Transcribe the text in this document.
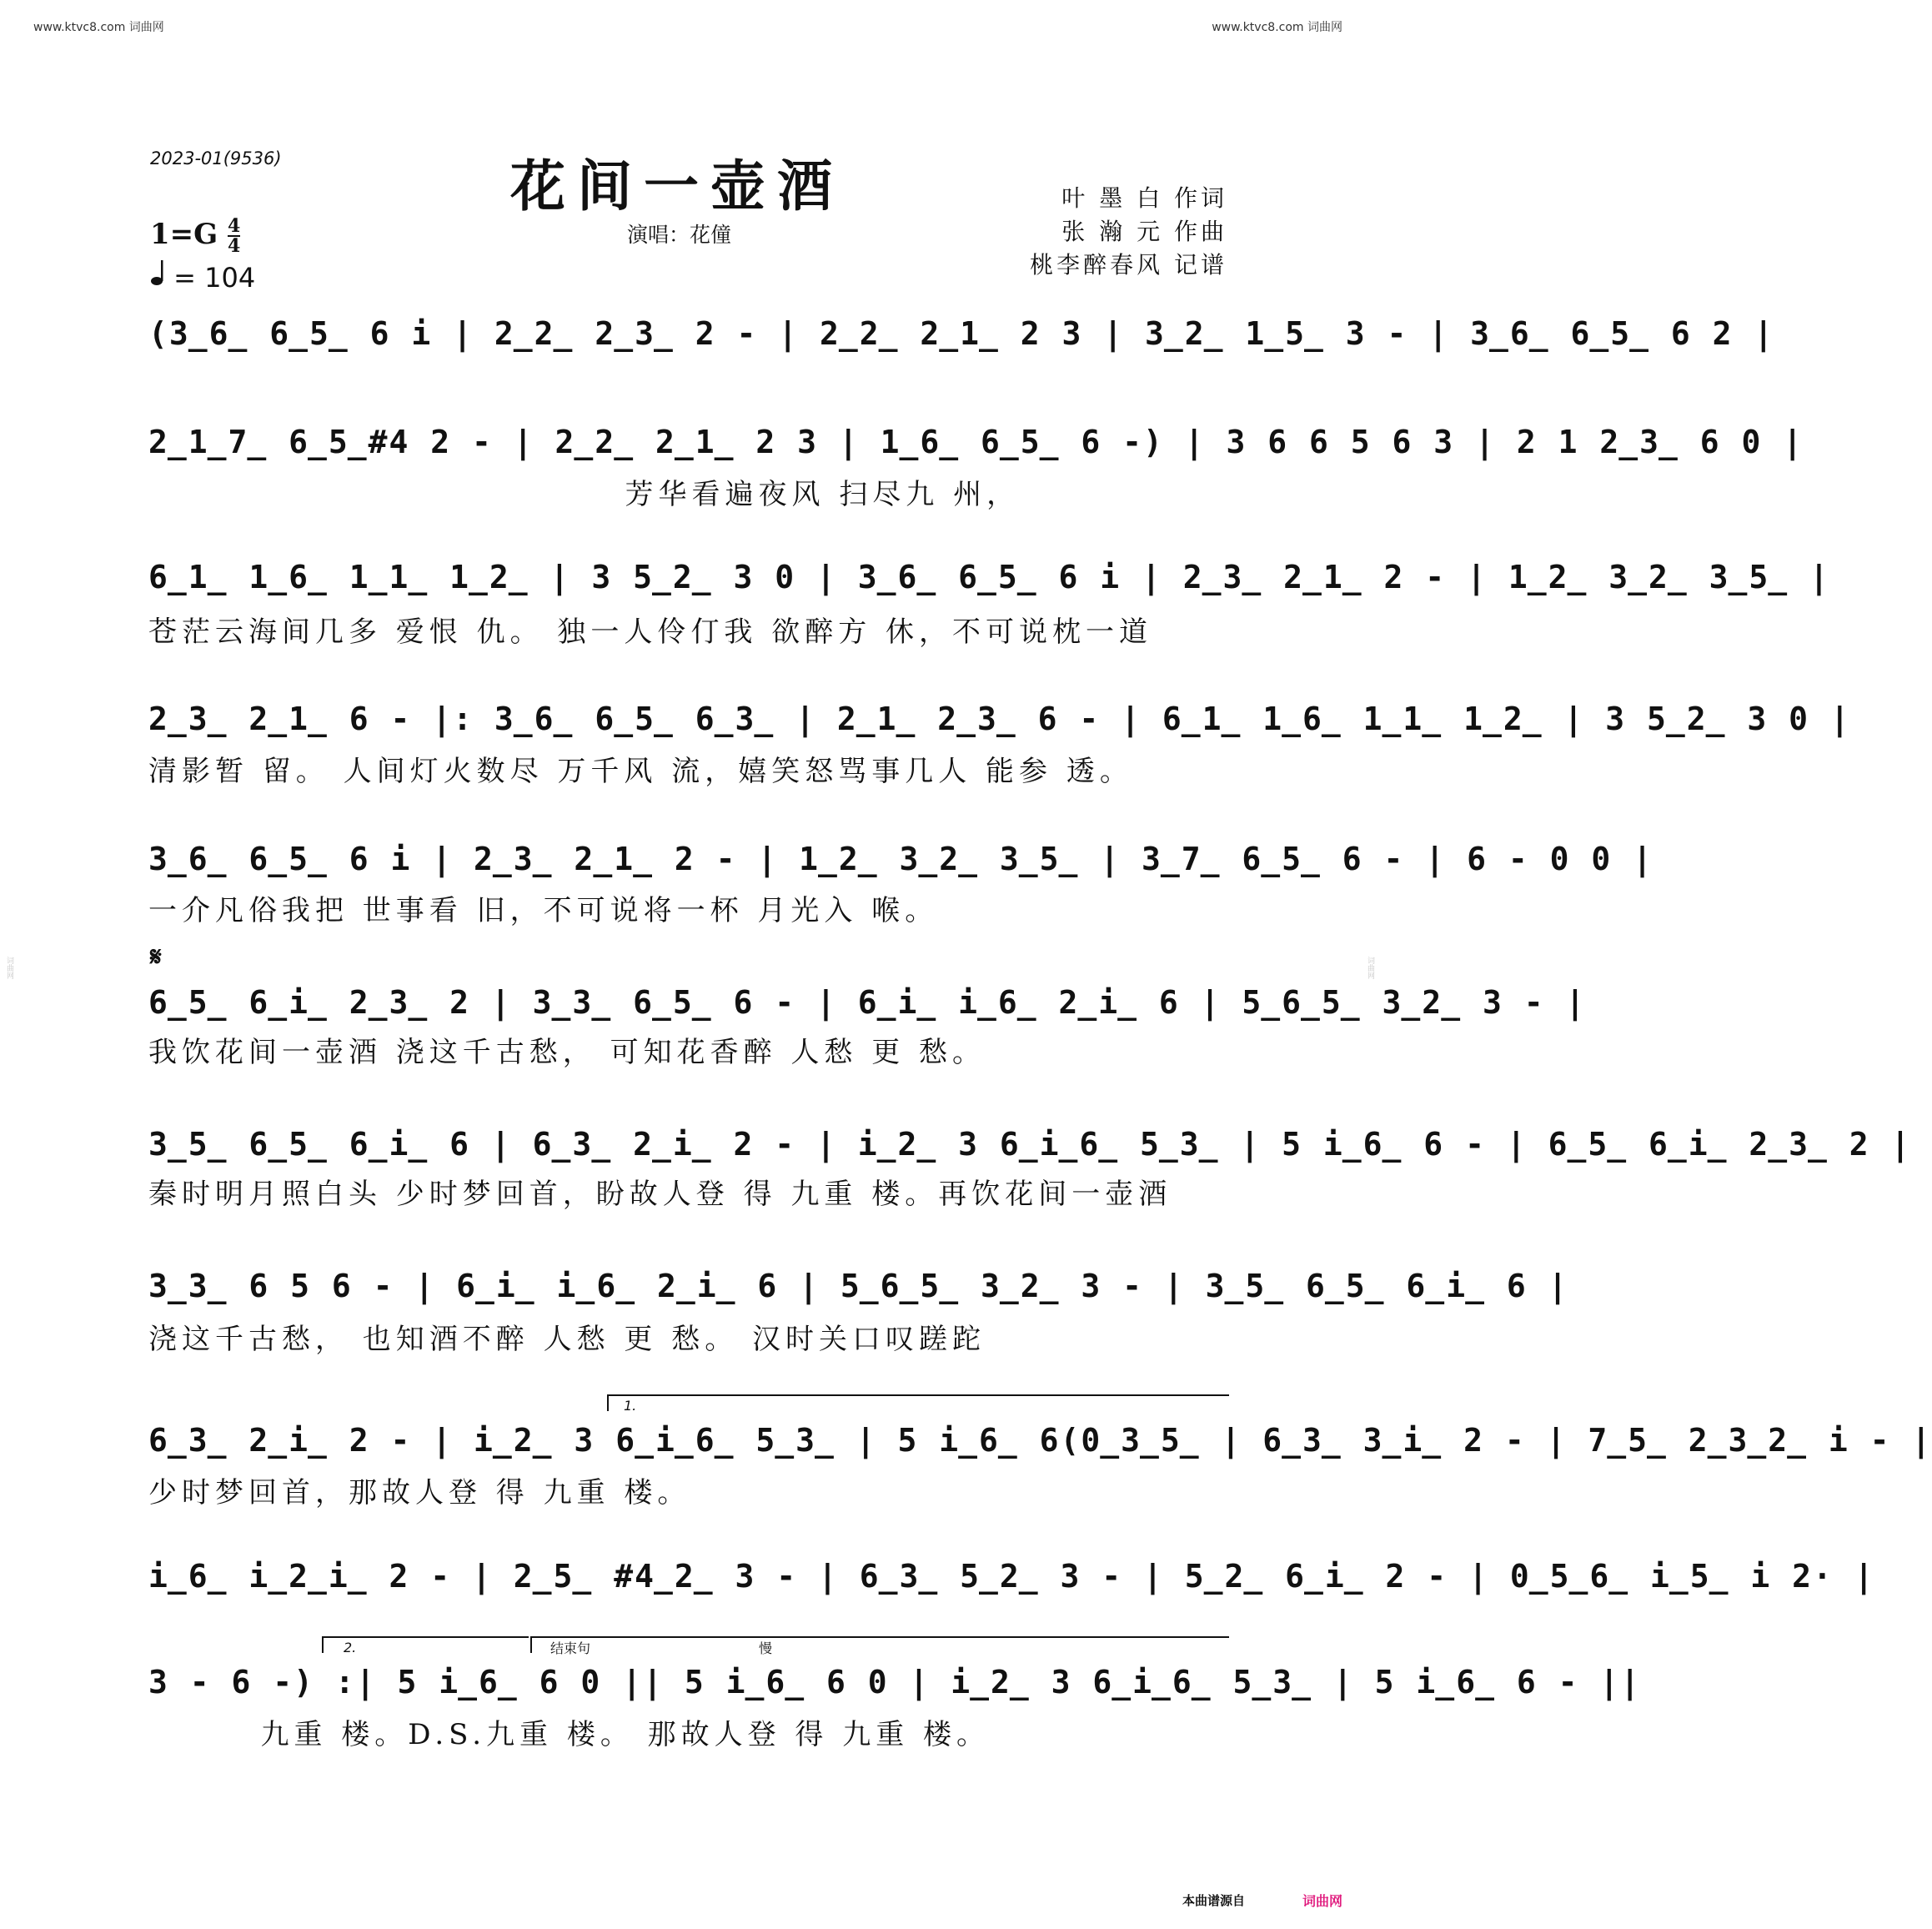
www.ktvc8.com 词曲网	www.ktvc8.com 词曲网
词曲网	词曲网
2023-01(9536)	花间一壶酒
演唱：花僮
叶 墨 白 作词
张 瀚 元 作曲
桃李醉春风 记谱
$1=G \frac{4}{4}$
= 104
(3̲6̲ 6̲5̲ 6 i | 2̲2̲ 2̲3̲ 2 - | 2̲2̲ 2̲1̲ 2 3 | 3̲2̲ 1̲5̲ 3 - | 3̲6̲ 6̲5̲ 6 2 |
2̲1̲7̲ 6̲5̲#4 2 - | 2̲2̲ 2̲1̲ 2 3 | 1̲6̲ 6̲5̲ 6 -) | 3 6 6 5 6 3 | 2 1 2̲3̲ 6 0 |
芳华看遍夜风 扫尽九 州，
6̲1̲ 1̲6̲ 1̲1̲ 1̲2̲ | 3 5̲2̲ 3 0 | 3̲6̲ 6̲5̲ 6 i | 2̲3̲ 2̲1̲ 2 - | 1̲2̲ 3̲2̲ 3̲5̲ |
苍茫云海间几多 爱恨 仇。 独一人伶仃我 欲醉方 休，不可说枕一道
2̲3̲ 2̲1̲ 6 - |: 3̲6̲ 6̲5̲ 6̲3̲ | 2̲1̲ 2̲3̲ 6 - | 6̲1̲ 1̲6̲ 1̲1̲ 1̲2̲ | 3 5̲2̲ 3 0 |
清影暂 留。 人间灯火数尽 万千风 流，嬉笑怒骂事几人 能参 透。
3̲6̲ 6̲5̲ 6 i | 2̲3̲ 2̲1̲ 2 - | 1̲2̲ 3̲2̲ 3̲5̲ | 3̲7̲ 6̲5̲ 6 - | 6 - 0 0 |
一介凡俗我把 世事看 旧，不可说将一杯 月光入 喉。
𝄋
6̲5̲ 6̲i̲ 2̲3̲ 2 | 3̲3̲ 6̲5̲ 6 - | 6̲i̲ i̲6̲ 2̲i̲ 6 | 5̲6̲5̲ 3̲2̲ 3 - |
我饮花间一壶酒 浇这千古愁， 可知花香醉 人愁 更 愁。
3̲5̲ 6̲5̲ 6̲i̲ 6 | 6̲3̲ 2̲i̲ 2 - | i̲2̲ 3 6̲i̲6̲ 5̲3̲ | 5 i̲6̲ 6 - | 6̲5̲ 6̲i̲ 2̲3̲ 2 |
秦时明月照白头 少时梦回首，盼故人登 得 九重 楼。再饮花间一壶酒
3̲3̲ 6 5 6 - | 6̲i̲ i̲6̲ 2̲i̲ 6 | 5̲6̲5̲ 3̲2̲ 3 - | 3̲5̲ 6̲5̲ 6̲i̲ 6 |
浇这千古愁， 也知酒不醉 人愁 更 愁。 汉时关口叹蹉跎
1.
6̲3̲ 2̲i̲ 2 - | i̲2̲ 3 6̲i̲6̲ 5̲3̲ | 5 i̲6̲ 6(0̲3̲5̲ | 6̲3̲ 3̲i̲ 2 - | 7̲5̲ 2̲3̲2̲ i - |
少时梦回首，那故人登 得 九重 楼。
i̲6̲ i̲2̲i̲ 2 - | 2̲5̲ #4̲2̲ 3 - | 6̲3̲ 5̲2̲ 3 - | 5̲2̲ 6̲i̲ 2 - | 0̲5̲6̲ i̲5̲ i 2· |
2.	结束句	慢
3 - 6 -) :| 5 i̲6̲ 6 0 || 5 i̲6̲ 6 0 | i̲2̲ 3 6̲i̲6̲ 5̲3̲ | 5 i̲6̲ 6 - ||
九重 楼。D.S.九重 楼。 那故人登 得 九重 楼。
本曲谱源自	词曲网
